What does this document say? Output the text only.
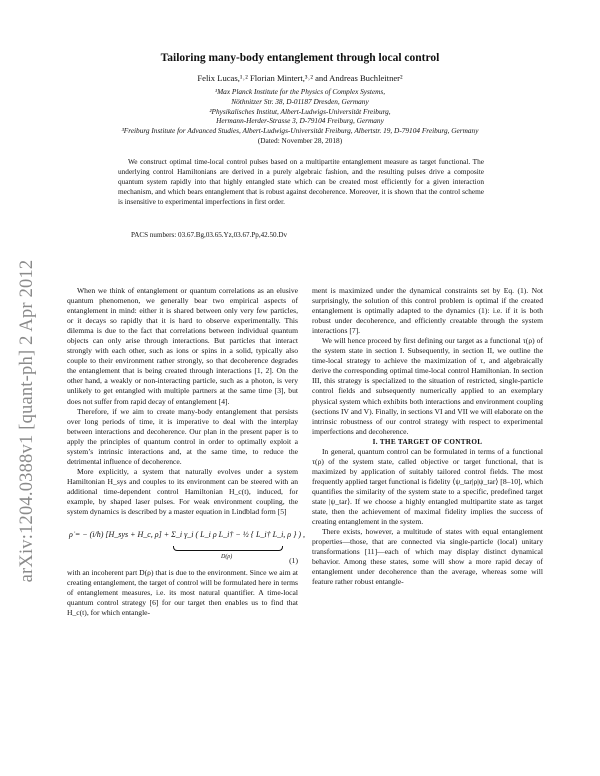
Tailoring many-body entanglement through local control
Felix Lucas,¹˒² Florian Mintert,³˒² and Andreas Buchleitner²
¹Max Planck Institute for the Physics of Complex Systems,
Nöthnitzer Str. 38, D-01187 Dresden, Germany
²Physikalisches Institut, Albert-Ludwigs-Universität Freiburg,
Hermann-Herder-Strasse 3, D-79104 Freiburg, Germany
³Freiburg Institute for Advanced Studies, Albert-Ludwigs-Universität Freiburg, Albertstr. 19, D-79104 Freiburg, Germany
(Dated: November 28, 2018)
We construct optimal time-local control pulses based on a multipartite entanglement measure as target functional. The underlying control Hamiltonians are derived in a purely algebraic fashion, and the resulting pulses drive a composite quantum system rapidly into that highly entangled state which can be created most efficiently for a given interaction mechanism, and which bears entanglement that is robust against decoherence. Moreover, it is shown that the control scheme is insensitive to experimental imperfections in first order.
PACS numbers: 03.67.Bg,03.65.Yz,03.67.Pp,42.50.Dv
arXiv:1204.0388v1 [quant-ph] 2 Apr 2012	When we think of entanglement or quantum correlations as an elusive quantum phenomenon, we generally bear two empirical aspects of entanglement in mind: either it is shared between only very few particles, or it decays so rapidly that it is hard to observe experimentally. This dilemma is due to the fact that correlations between individual quantum objects can only arise through interactions. But particles that interact strongly with each other, such as ions or spins in a solid, typically also couple to their environment rather strongly, so that decoherence degrades the entanglement that is being created through interactions [1, 2]. On the other hand, a weakly or non-interacting particle, such as a photon, is very unlikely to get entangled with multiple partners at the same time [3], but does not suffer from rapid decay of entanglement [4].

Therefore, if we aim to create many-body entanglement that persists over long periods of time, it is imperative to deal with the interplay between interactions and decoherence. Our plan in the present paper is to apply the principles of quantum control in order to optimally exploit a system’s intrinsic interactions and, at the same time, to reduce the detrimental influence of decoherence.

More explicitly, a system that naturally evolves under a system Hamiltonian H_sys and couples to its environment can be steered with an additional time-dependent control Hamiltonian H_c(t), induced, for example, by shaped laser pulses. For weak environment coupling, the system dynamics is described by a master equation in Lindblad form [5]

ρ̇ = − (i/ħ) [H_sys + H_c, ρ] + Σ_i γ_i ( L_i ρ L_i† − ½ { L_i† L_i, ρ } ) ,
D(ρ)	(1)

with an incoherent part D(ρ) that is due to the environment. Since we aim at creating entanglement, the target of control will be formulated here in terms of entanglement measures, i.e. its most natural quantifier. A time-local quantum control strategy [6] for our target then enables us to find that H_c(t), for which entangle-

ment is maximized under the dynamical constraints set by Eq. (1). Not surprisingly, the solution of this control problem is optimal if the created entanglement is optimally adapted to the dynamics (1): i.e. if it is both robust under decoherence, and efficiently creatable through the system interactions [7].

We will hence proceed by first defining our target as a functional τ(ρ) of the system state in section I. Subsequently, in section II, we outline the time-local strategy to achieve the maximization of τ, and algebraically derive the corresponding optimal time-local control Hamiltonian. In section III, this strategy is specialized to the situation of restricted, single-particle control fields and subsequently numerically applied to an exemplary physical system which exhibits both interactions and environment coupling (sections IV and V). Finally, in sections VI and VII we will elaborate on the intrinsic robustness of our control strategy with respect to experimental imperfections and decoherence.

I. THE TARGET OF CONTROL

In general, quantum control can be formulated in terms of a functional τ(ρ) of the system state, called objective or target functional, that is maximized by application of suitably tailored control fields. The most frequently applied target functional is fidelity ⟨ψ_tar|ρ|ψ_tar⟩ [8–10], which quantifies the similarity of the system state to a specific, predefined target state |ψ_tar⟩. If we choose a highly entangled multipartite state as target state, then the achievement of maximal fidelity implies the success of creating entanglement in the system.

There exists, however, a multitude of states with equal entanglement properties—those, that are connected via single-particle (local) unitary transformations [11]—each of which may display distinct dynamical behavior. Among these states, some will show a more rapid decay of entanglement under decoherence than the average, whereas some will feature rather robust entangle-
